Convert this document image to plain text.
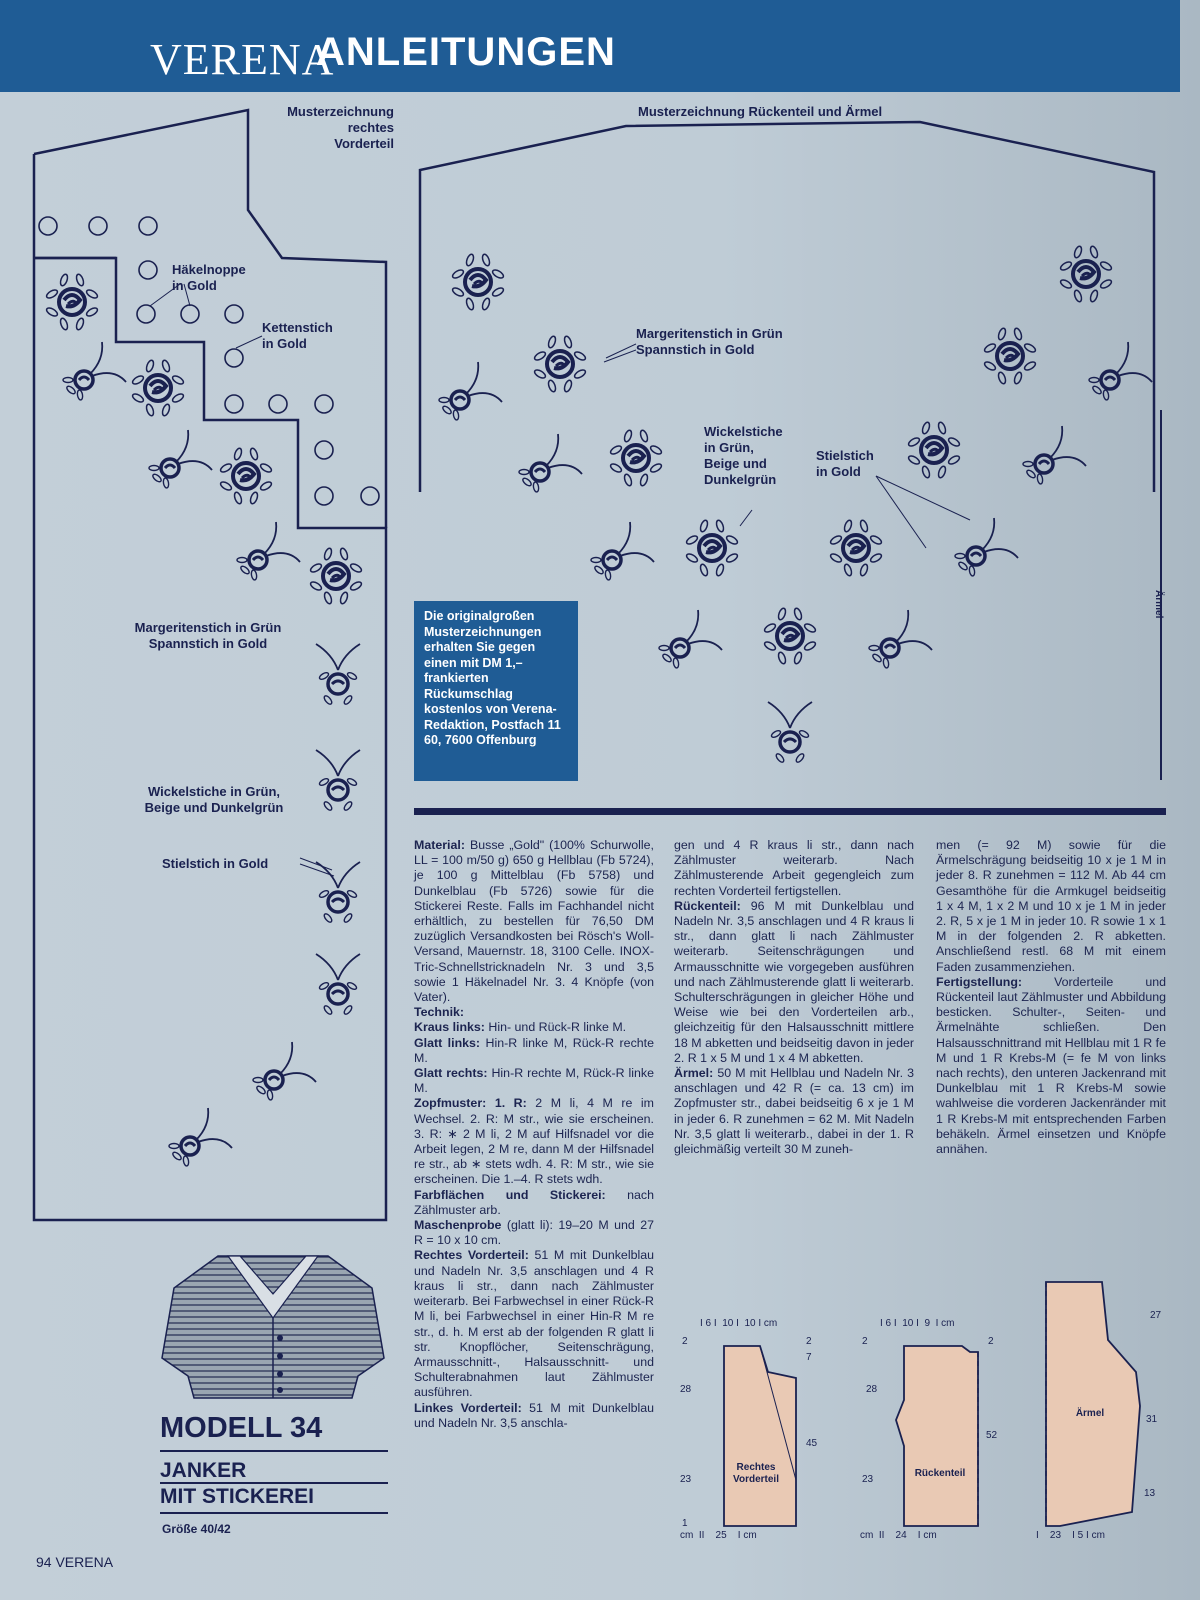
VERENA
ANLEITUNGEN
Musterzeichnung
rechtes
Vorderteil
Häkelnoppe
in Gold
Kettenstich
in Gold
Margeritenstich in Grün
Spannstich in Gold
Wickelstiche in Grün,
Beige und Dunkelgrün
Stielstich in Gold
Musterzeichnung Rückenteil und Ärmel
Margeritenstich in Grün
Spannstich in Gold
Wickelstiche
in Grün,
Beige und
Dunkelgrün
Stielstich
in Gold
Ärmel
Die originalgroßen Musterzeichnungen erhalten Sie gegen einen mit DM 1,– frankierten Rückumschlag kostenlos von Verena-Redaktion, Postfach 11 60, 7600 Offenburg

Material: Busse „Gold" (100% Schurwolle, LL = 100 m/50 g) 650 g Hellblau (Fb 5724), je 100 g Mittelblau (Fb 5758) und Dunkelblau (Fb 5726) sowie für die Stickerei Reste. Falls im Fachhandel nicht erhältlich, zu bestellen für 76,50 DM zuzüglich Versandkosten bei Rösch's Woll-Versand, Mauernstr. 18, 3100 Celle. INOX-Tric-Schnellstricknadeln Nr. 3 und 3,5 sowie 1 Häkelnadel Nr. 3. 4 Knöpfe (von Vater).

Technik:

Kraus links: Hin- und Rück-R linke M.

Glatt links: Hin-R linke M, Rück-R rechte M.

Glatt rechts: Hin-R rechte M, Rück-R linke M.

Zopfmuster: 1. R: 2 M li, 4 M re im Wechsel. 2. R: M str., wie sie erscheinen. 3. R: ∗ 2 M li, 2 M auf Hilfsnadel vor die Arbeit legen, 2 M re, dann M der Hilfsnadel re str., ab ∗ stets wdh. 4. R: M str., wie sie erscheinen. Die 1.–4. R stets wdh.

Farbflächen und Stickerei: nach Zählmuster arb.

Maschenprobe (glatt li): 19–20 M und 27 R = 10 x 10 cm.

Rechtes Vorderteil: 51 M mit Dunkelblau und Nadeln Nr. 3,5 anschlagen und 4 R kraus li str., dann nach Zählmuster weiterarb. Bei Farbwechsel in einer Rück-R M li, bei Farbwechsel in einer Hin-R M re str., d. h. M erst ab der folgenden R glatt li str. Knopflöcher, Seitenschrägung, Armausschnitt-, Halsausschnitt- und Schulterabnahmen laut Zählmuster ausführen.

Linkes Vorderteil: 51 M mit Dunkelblau und Nadeln Nr. 3,5 anschla-

gen und 4 R kraus li str., dann nach Zählmuster weiterarb. Nach Zählmusterende Arbeit gegengleich zum rechten Vorderteil fertigstellen.

Rückenteil: 96 M mit Dunkelblau und Nadeln Nr. 3,5 anschlagen und 4 R kraus li str., dann glatt li nach Zählmuster weiterarb. Seitenschrägungen und Armausschnitte wie vorgegeben ausführen und nach Zählmusterende glatt li weiterarb. Schulterschrägungen in gleicher Höhe und Weise wie bei den Vorderteilen arb., gleichzeitig für den Halsausschnitt mittlere 18 M abketten und beidseitig davon in jeder 2. R 1 x 5 M und 1 x 4 M abketten.

Ärmel: 50 M mit Hellblau und Nadeln Nr. 3 anschlagen und 42 R (= ca. 13 cm) im Zopfmuster str., dabei beidseitig 6 x je 1 M in jeder 6. R zunehmen = 62 M. Mit Nadeln Nr. 3,5 glatt li weiterarb., dabei in der 1. R gleichmäßig verteilt 30 M zuneh-

men (= 92 M) sowie für die Ärmelschrägung beidseitig 10 x je 1 M in jeder 8. R zunehmen = 112 M. Ab 44 cm Gesamthöhe für die Armkugel beidseitig 1 x 4 M, 1 x 2 M und 10 x je 1 M in jeder 2. R, 5 x je 1 M in jeder 10. R sowie 1 x 1 M in der folgenden 2. R abketten. Anschließend restl. 68 M mit einem Faden zusammenziehen.

Fertigstellung: Vorderteile und Rückenteil laut Zählmuster und Abbildung besticken. Schulter-, Seiten- und Ärmelnähte schließen. Den Halsausschnittrand mit Hellblau mit 1 R fe M und 1 R Krebs-M (= fe M von links nach rechts), den unteren Jackenrand mit Dunkelblau mit 1 R Krebs-M sowie wahlweise die vorderen Jackenränder mit 1 R Krebs-M mit entsprechenden Farben behäkeln. Ärmel einsetzen und Knöpfe annähen.

MODELL 34
JANKER
MIT STICKEREI
Größe 40/42
Rechtes
Vorderteil
Rückenteil
Ärmel
I 6 I  10 I  10 I cm	I 6 I  10 I  9  I cm
cm  II    25    I cm	cm  II    24    I cm	I    23    I 5 I cm
2	2
7
28
45
23
1
2	2
28
52
23
27
31
13
94 VERENA
